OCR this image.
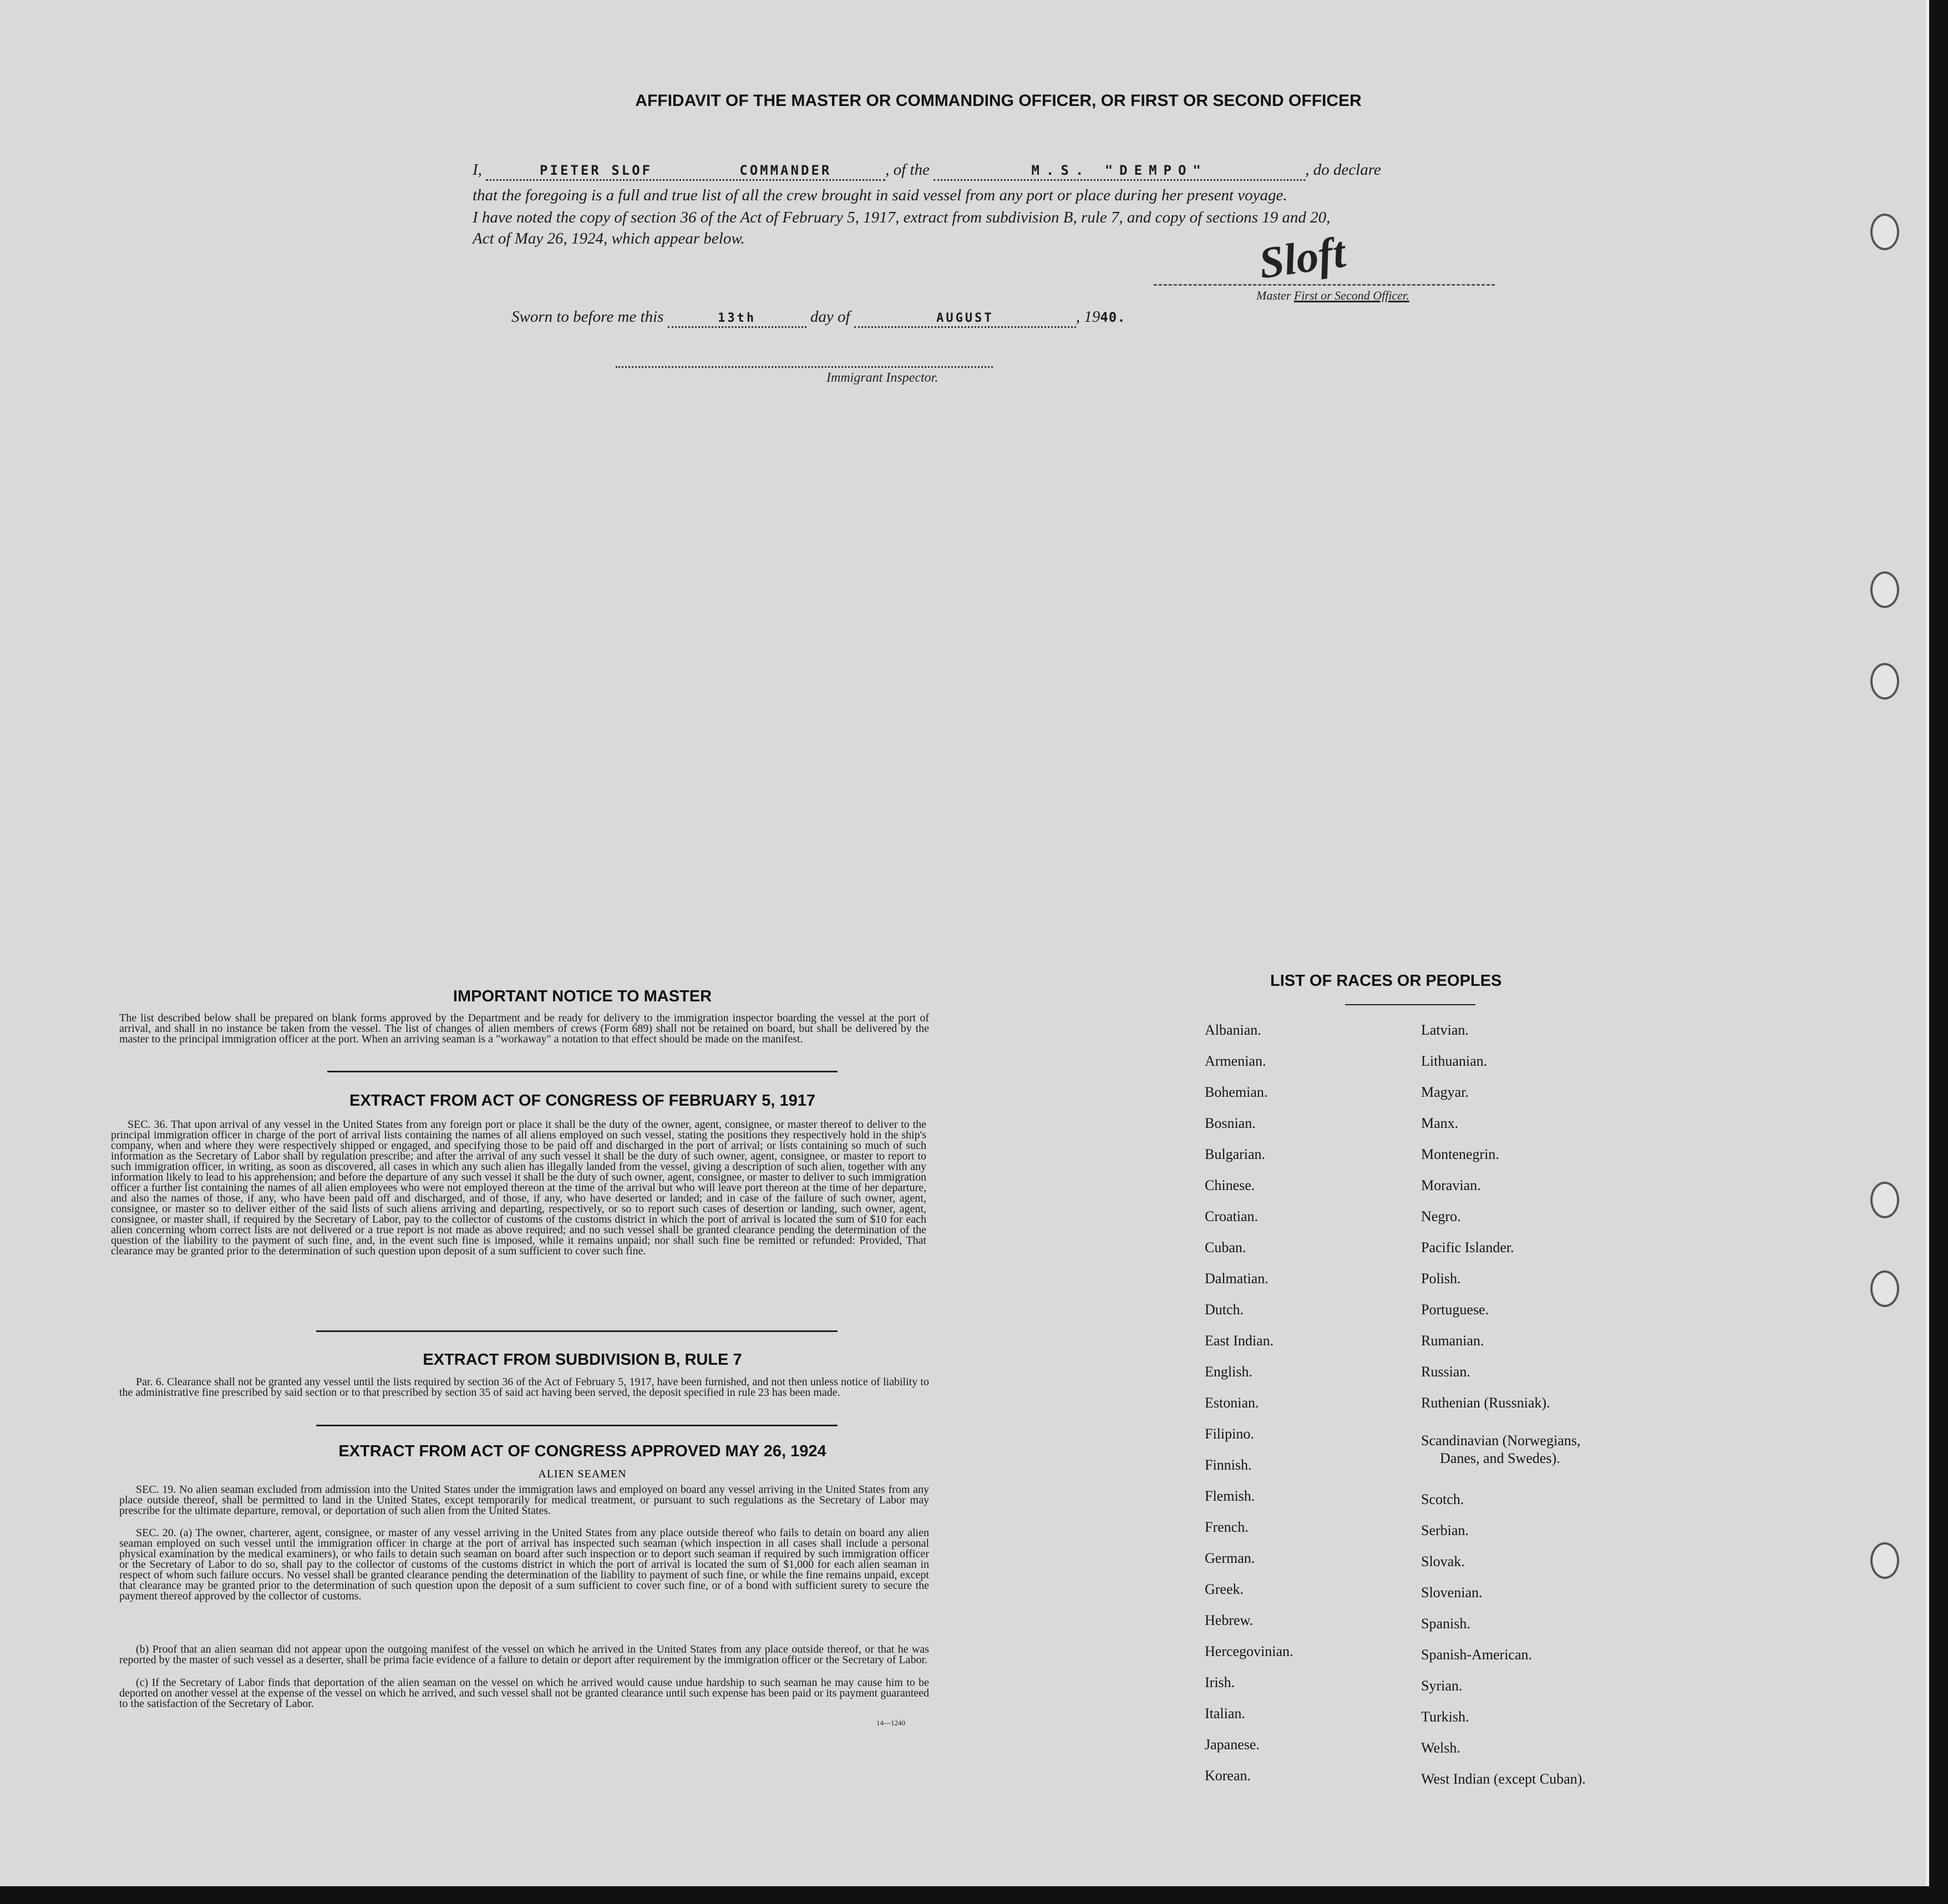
AFFIDAVIT OF THE MASTER OR COMMANDING OFFICER, OR FIRST OR SECOND OFFICER
I,	PIETER SLOF	COMMANDER	, of the	M.S. "DEMPO"	, do declare
that the foregoing is a full and true list of all the crew brought in said vessel from any port or place during her present voyage.
I have noted the copy of section 36 of the Act of February 5, 1917, extract from subdivision B, rule 7, and copy of sections 19 and 20,
Act of May 26, 1924, which appear below.	Sloft
Master First or Second Officer.
Sworn to before me this	13th	day of	AUGUST	, 1940.
Immigrant Inspector.
IMPORTANT NOTICE TO MASTER
The list described below shall be prepared on blank forms approved by the Department and be ready for delivery to the immigration inspector boarding the vessel at the port of arrival, and shall in no instance be taken from the vessel. The list of changes of alien members of crews (Form 689) shall not be retained on board, but shall be delivered by the master to the principal immigration officer at the port. When an arriving seaman is a "workaway" a notation to that effect should be made on the manifest.
EXTRACT FROM ACT OF CONGRESS OF FEBRUARY 5, 1917
SEC. 36. That upon arrival of any vessel in the United States from any foreign port or place it shall be the duty of the owner, agent, consignee, or master thereof to deliver to the principal immigration officer in charge of the port of arrival lists containing the names of all aliens employed on such vessel, stating the positions they respectively hold in the ship's company, when and where they were respectively shipped or engaged, and specifying those to be paid off and discharged in the port of arrival; or lists containing so much of such information as the Secretary of Labor shall by regulation prescribe; and after the arrival of any such vessel it shall be the duty of such owner, agent, consignee, or master to report to such immigration officer, in writing, as soon as discovered, all cases in which any such alien has illegally landed from the vessel, giving a description of such alien, together with any information likely to lead to his apprehension; and before the departure of any such vessel it shall be the duty of such owner, agent, consignee, or master to deliver to such immigration officer a further list containing the names of all alien employees who were not employed thereon at the time of the arrival but who will leave port thereon at the time of her departure, and also the names of those, if any, who have been paid off and discharged, and of those, if any, who have deserted or landed; and in case of the failure of such owner, agent, consignee, or master so to deliver either of the said lists of such aliens arriving and departing, respectively, or so to report such cases of desertion or landing, such owner, agent, consignee, or master shall, if required by the Secretary of Labor, pay to the collector of customs of the customs district in which the port of arrival is located the sum of $10 for each alien concerning whom correct lists are not delivered or a true report is not made as above required; and no such vessel shall be granted clearance pending the determination of the question of the liability to the payment of such fine, and, in the event such fine is imposed, while it remains unpaid; nor shall such fine be remitted or refunded: Provided, That clearance may be granted prior to the determination of such question upon deposit of a sum sufficient to cover such fine.
EXTRACT FROM SUBDIVISION B, RULE 7
Par. 6. Clearance shall not be granted any vessel until the lists required by section 36 of the Act of February 5, 1917, have been furnished, and not then unless notice of liability to the administrative fine prescribed by said section or to that prescribed by section 35 of said act having been served, the deposit specified in rule 23 has been made.
EXTRACT FROM ACT OF CONGRESS APPROVED MAY 26, 1924
ALIEN SEAMEN
SEC. 19. No alien seaman excluded from admission into the United States under the immigration laws and employed on board any vessel arriving in the United States from any place outside thereof, shall be permitted to land in the United States, except temporarily for medical treatment, or pursuant to such regulations as the Secretary of Labor may prescribe for the ultimate departure, removal, or deportation of such alien from the United States.
SEC. 20. (a) The owner, charterer, agent, consignee, or master of any vessel arriving in the United States from any place outside thereof who fails to detain on board any alien seaman employed on such vessel until the immigration officer in charge at the port of arrival has inspected such seaman (which inspection in all cases shall include a personal physical examination by the medical examiners), or who fails to detain such seaman on board after such inspection or to deport such seaman if required by such immigration officer or the Secretary of Labor to do so, shall pay to the collector of customs of the customs district in which the port of arrival is located the sum of $1,000 for each alien seaman in respect of whom such failure occurs. No vessel shall be granted clearance pending the determination of the liability to payment of such fine, or while the fine remains unpaid, except that clearance may be granted prior to the determination of such question upon the deposit of a sum sufficient to cover such fine, or of a bond with sufficient surety to secure the payment thereof approved by the collector of customs.
(b) Proof that an alien seaman did not appear upon the outgoing manifest of the vessel on which he arrived in the United States from any place outside thereof, or that he was reported by the master of such vessel as a deserter, shall be prima facie evidence of a failure to detain or deport after requirement by the immigration officer or the Secretary of Labor.
(c) If the Secretary of Labor finds that deportation of the alien seaman on the vessel on which he arrived would cause undue hardship to such seaman he may cause him to be deported on another vessel at the expense of the vessel on which he arrived, and such vessel shall not be granted clearance until such expense has been paid or its payment guaranteed to the satisfaction of the Secretary of Labor.
14—1240
LIST OF RACES OR PEOPLES
Albanian.
Armenian.
Bohemian.
Bosnian.
Bulgarian.
Chinese.
Croatian.
Cuban.
Dalmatian.
Dutch.
East Indian.
English.
Estonian.
Filipino.
Finnish.
Flemish.
French.
German.
Greek.
Hebrew.
Hercegovinian.
Irish.
Italian.
Japanese.
Korean.
Latvian.
Lithuanian.
Magyar.
Manx.
Montenegrin.
Moravian.
Negro.
Pacific Islander.
Polish.
Portuguese.
Rumanian.
Russian.
Ruthenian (Russniak).
Scandinavian (Norwegians,
Danes, and Swedes).
Scotch.
Serbian.
Slovak.
Slovenian.
Spanish.
Spanish-American.
Syrian.
Turkish.
Welsh.
West Indian (except Cuban).
